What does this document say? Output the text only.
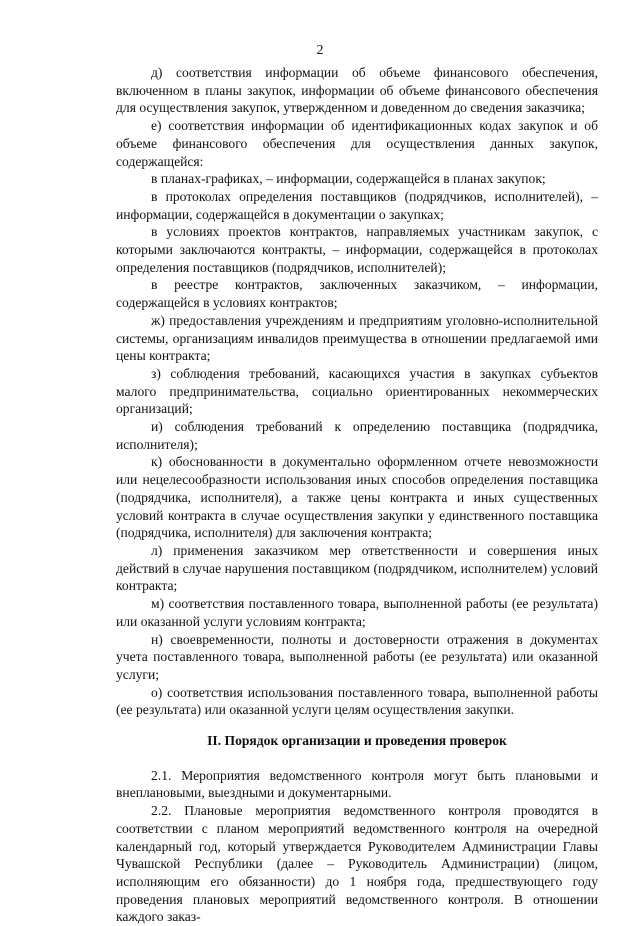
2

д) соответствия информации об объеме финансового обеспечения, включенном в планы закупок, информации об объеме финансового обеспечения для осуществления закупок, утвержденном и доведенном до сведения заказчика;

е) соответствия информации об идентификационных кодах закупок и об объеме финансового обеспечения для осуществления данных закупок, содержащейся:

в планах-графиках, – информации, содержащейся в планах закупок;

в протоколах определения поставщиков (подрядчиков, исполнителей), – информации, содержащейся в документации о закупках;

в условиях проектов контрактов, направляемых участникам закупок, с которыми заключаются контракты, – информации, содержащейся в протоколах определения поставщиков (подрядчиков, исполнителей);

в реестре контрактов, заключенных заказчиком, – информации, содержащейся в условиях контрактов;

ж) предоставления учреждениям и предприятиям уголовно-исполнительной системы, организациям инвалидов преимущества в отношении предлагаемой ими цены контракта;

з) соблюдения требований, касающихся участия в закупках субъектов малого предпринимательства, социально ориентированных некоммерческих организаций;

и) соблюдения требований к определению поставщика (подрядчика, исполнителя);

к) обоснованности в документально оформленном отчете невозможности или нецелесообразности использования иных способов определения поставщика (подрядчика, исполнителя), а также цены контракта и иных существенных условий контракта в случае осуществления закупки у единственного поставщика (подрядчика, исполнителя) для заключения контракта;

л) применения заказчиком мер ответственности и совершения иных действий в случае нарушения поставщиком (подрядчиком, исполнителем) условий контракта;

м) соответствия поставленного товара, выполненной работы (ее результата) или оказанной услуги условиям контракта;

н) своевременности, полноты и достоверности отражения в документах учета поставленного товара, выполненной работы (ее результата) или оказанной услуги;

о) соответствия использования поставленного товара, выполненной работы (ее результата) или оказанной услуги целям осуществления закупки.

II. Порядок организации и проведения проверок

2.1. Мероприятия ведомственного контроля могут быть плановыми и внеплановыми, выездными и документарными.

2.2. Плановые мероприятия ведомственного контроля проводятся в соответствии с планом мероприятий ведомственного контроля на очередной календарный год, который утверждается Руководителем Администрации Главы Чувашской Республики (далее – Руководитель Администрации) (лицом, исполняющим его обязанности) до 1 ноября года, предшествующего году проведения плановых мероприятий ведомственного контроля. В отношении каждого заказ-
